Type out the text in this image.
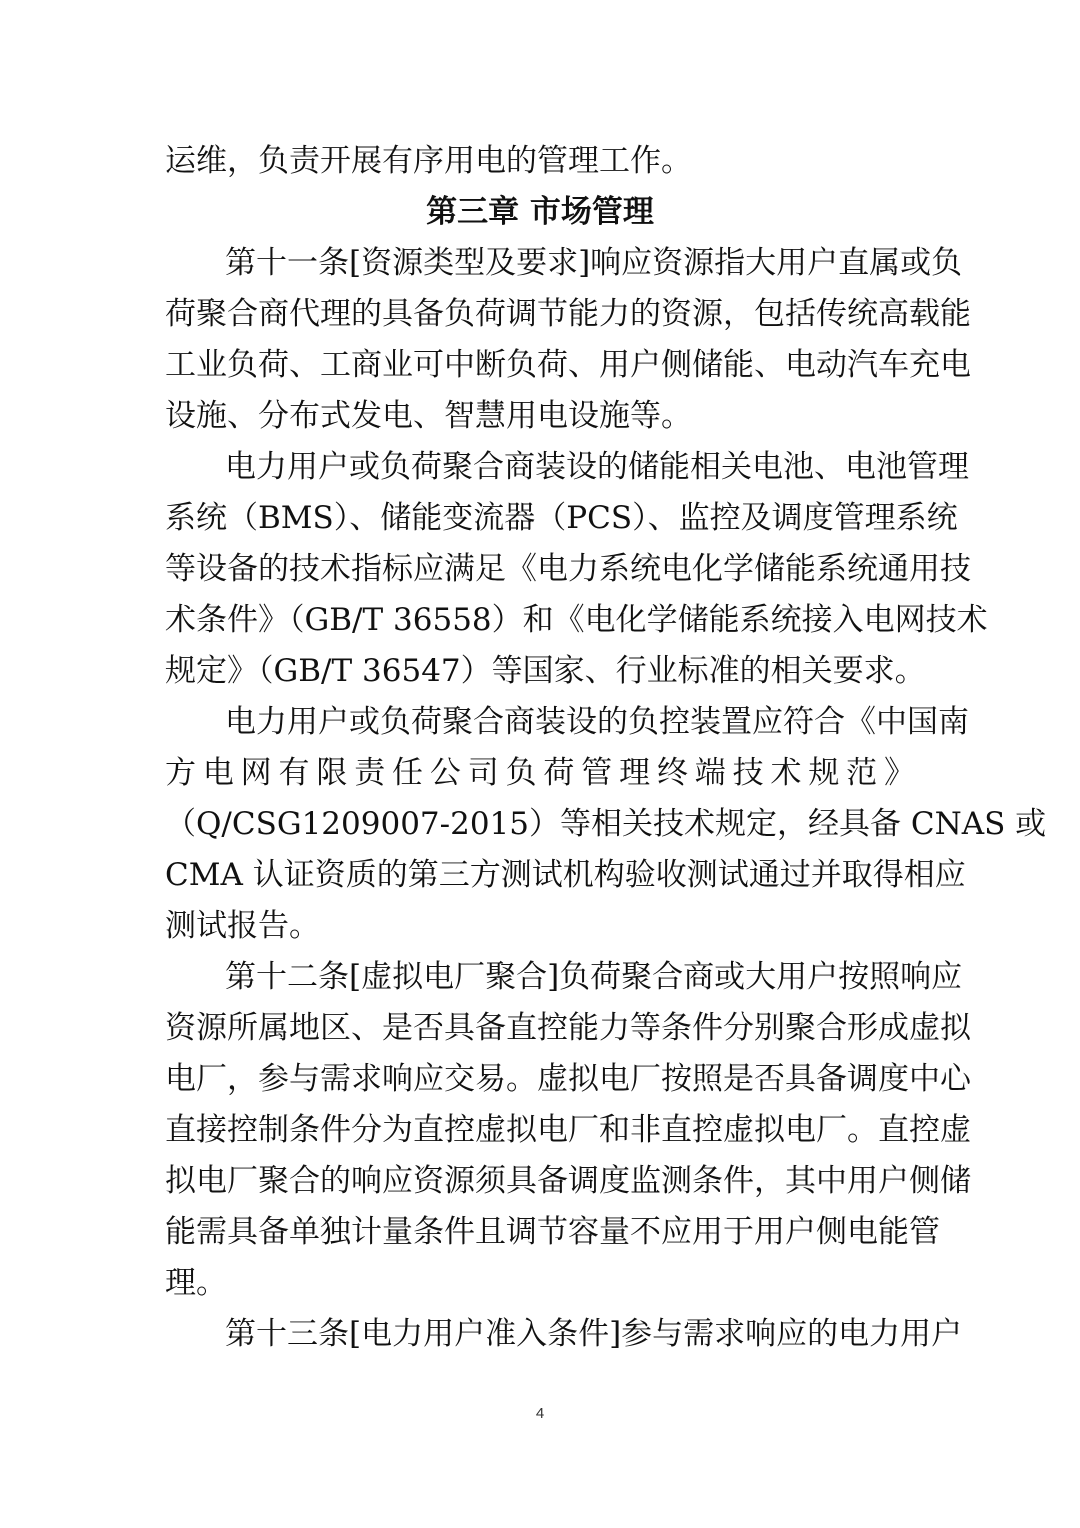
运维，负责开展有序用电的管理工作。
第三章 市场管理
第十一条[资源类型及要求]响应资源指大用户直属或负
荷聚合商代理的具备负荷调节能力的资源，包括传统高载能
工业负荷、工商业可中断负荷、用户侧储能、电动汽车充电
设施、分布式发电、智慧用电设施等。
电力用户或负荷聚合商装设的储能相关电池、电池管理
系统（BMS）、储能变流器（PCS）、监控及调度管理系统
等设备的技术指标应满足《电力系统电化学储能系统通用技
术条件》（GB/T 36558）和《电化学储能系统接入电网技术
规定》（GB/T 36547）等国家、行业标准的相关要求。
电力用户或负荷聚合商装设的负控装置应符合《中国南
方电网有限责任公司负荷管理终端技术规范》
（Q/CSG1209007-2015）等相关技术规定，经具备 CNAS 或
CMA 认证资质的第三方测试机构验收测试通过并取得相应
测试报告。
第十二条[虚拟电厂聚合]负荷聚合商或大用户按照响应
资源所属地区、是否具备直控能力等条件分别聚合形成虚拟
电厂，参与需求响应交易。虚拟电厂按照是否具备调度中心
直接控制条件分为直控虚拟电厂和非直控虚拟电厂。直控虚
拟电厂聚合的响应资源须具备调度监测条件，其中用户侧储
能需具备单独计量条件且调节容量不应用于用户侧电能管
理。
第十三条[电力用户准入条件]参与需求响应的电力用户
4
